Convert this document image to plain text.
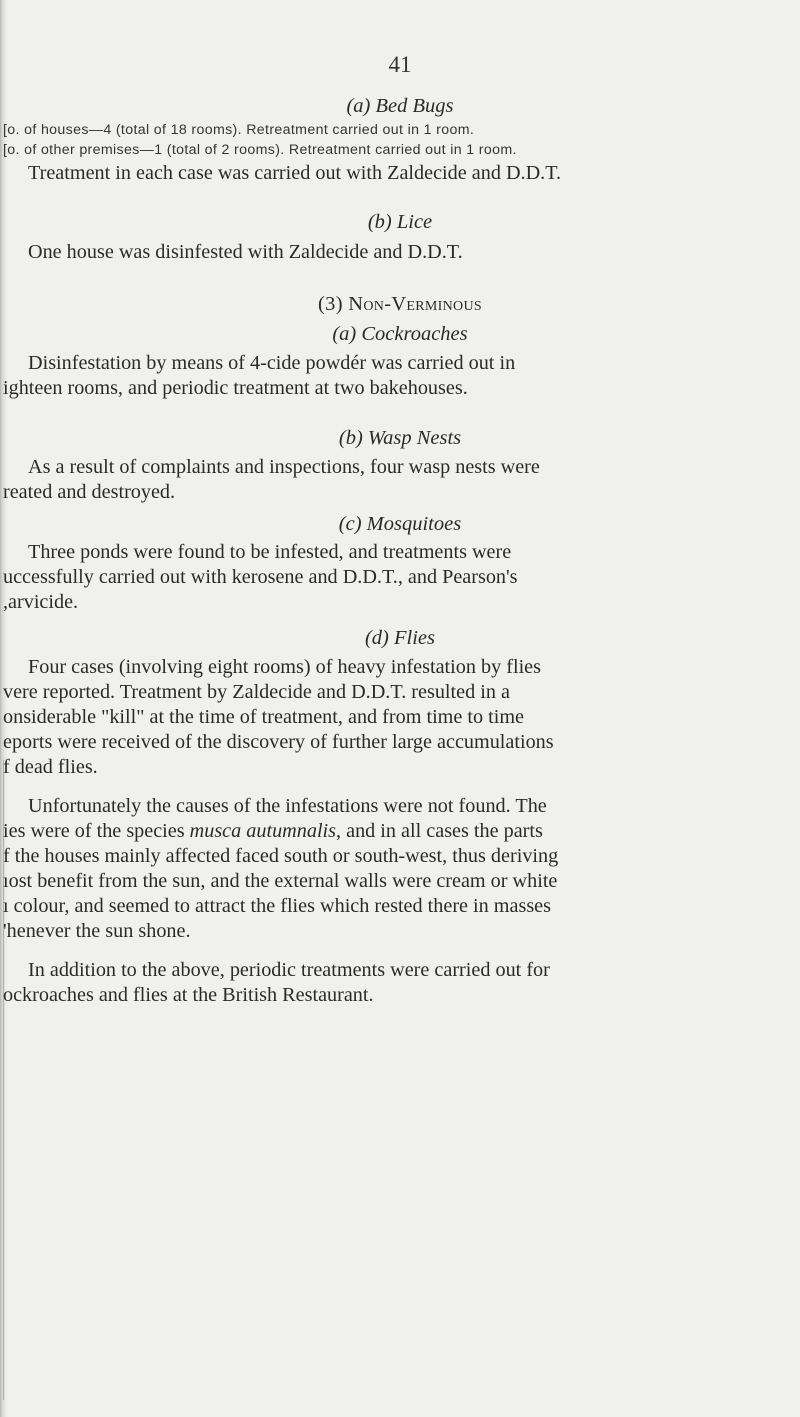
41
(a) Bed Bugs
[o. of houses—4 (total of 18 rooms). Retreatment carried out in 1 room.
[o. of other premises—1 (total of 2 rooms). Retreatment carried out in 1 room.
Treatment in each case was carried out with Zaldecide and D.D.T.
(b) Lice
One house was disinfested with Zaldecide and D.D.T.
(3) Non-Verminous
(a) Cockroaches
Disinfestation by means of 4-cide powdér was carried out in
ighteen rooms, and periodic treatment at two bakehouses.
(b) Wasp Nests
As a result of complaints and inspections, four wasp nests were
reated and destroyed.
(c) Mosquitoes
Three ponds were found to be infested, and treatments were
uccessfully carried out with kerosene and D.D.T., and Pearson's
,arvicide.
(d) Flies
Four cases (involving eight rooms) of heavy infestation by flies
vere reported. Treatment by Zaldecide and D.D.T. resulted in a
onsiderable "kill" at the time of treatment, and from time to time
eports were received of the discovery of further large accumulations
f dead flies.
Unfortunately the causes of the infestations were not found. The
ies were of the species musca autumnalis, and in all cases the parts
f the houses mainly affected faced south or south-west, thus deriving
ıost benefit from the sun, and the external walls were cream or white
ı colour, and seemed to attract the flies which rested there in masses
'henever the sun shone.
In addition to the above, periodic treatments were carried out for
ockroaches and flies at the British Restaurant.
